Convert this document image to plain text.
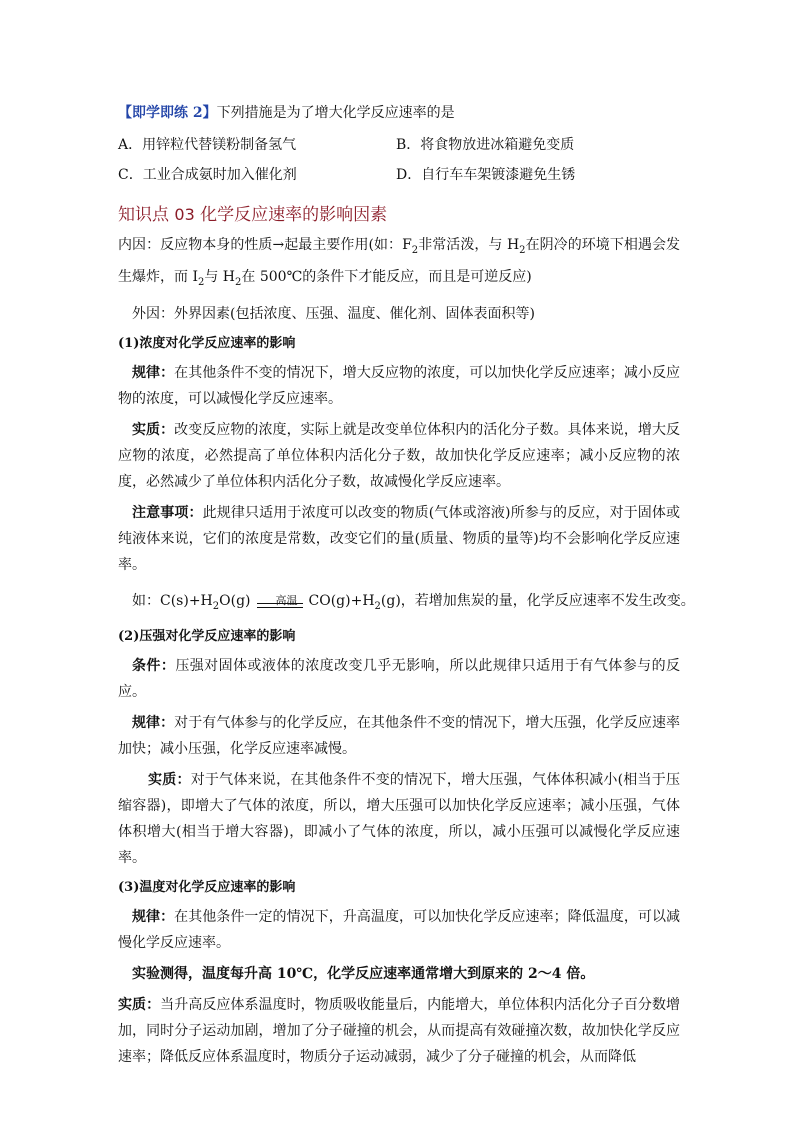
【即学即练 2】下列措施是为了增大化学反应速率的是

A．用锌粒代替镁粉制备氢气	B．将食物放进冰箱避免变质
C．工业合成氨时加入催化剂	D．自行车车架镀漆避免生锈
知识点 03 化学反应速率的影响因素

内因：反应物本身的性质→起最主要作用(如：$F_2$非常活泼，与 $H_2$在阴冷的环境下相遇会发生爆炸，而 $I_2$与 $H_2$在 500℃的条件下才能反应，而且是可逆反应)

外因：外界因素(包括浓度、压强、温度、催化剂、固体表面积等)

(1)浓度对化学反应速率的影响

规律：在其他条件不变的情况下，增大反应物的浓度，可以加快化学反应速率；减小反应物的浓度，可以减慢化学反应速率。

实质：改变反应物的浓度，实际上就是改变单位体积内的活化分子数。具体来说，增大反应物的浓度，必然提高了单位体积内活化分子数，故加快化学反应速率；减小反应物的浓度，必然减少了单位体积内活化分子数，故减慢化学反应速率。

注意事项：此规律只适用于浓度可以改变的物质(气体或溶液)所参与的反应，对于固体或纯液体来说，它们的浓度是常数，改变它们的量(质量、物质的量等)均不会影响化学反应速率。

如：$C(s)+H_2O(g)$	高温 $CO(g)+H_2(g)$，若增加焦炭的量，化学反应速率不发生改变。

(2)压强对化学反应速率的影响

条件：压强对固体或液体的浓度改变几乎无影响，所以此规律只适用于有气体参与的反应。

规律：对于有气体参与的化学反应，在其他条件不变的情况下，增大压强，化学反应速率加快；减小压强，化学反应速率减慢。

实质：对于气体来说，在其他条件不变的情况下，增大压强，气体体积减小(相当于压缩容器)，即增大了气体的浓度，所以，增大压强可以加快化学反应速率；减小压强，气体体积增大(相当于增大容器)，即减小了气体的浓度，所以，减小压强可以减慢化学反应速率。

(3)温度对化学反应速率的影响

规律：在其他条件一定的情况下，升高温度，可以加快化学反应速率；降低温度，可以减慢化学反应速率。

实验测得，温度每升高 10℃，化学反应速率通常增大到原来的 2～4 倍。

实质：当升高反应体系温度时，物质吸收能量后，内能增大，单位体积内活化分子百分数增加，同时分子运动加剧，增加了分子碰撞的机会，从而提高有效碰撞次数，故加快化学反应速率；降低反应体系温度时，物质分子运动减弱，减少了分子碰撞的机会，从而降低
